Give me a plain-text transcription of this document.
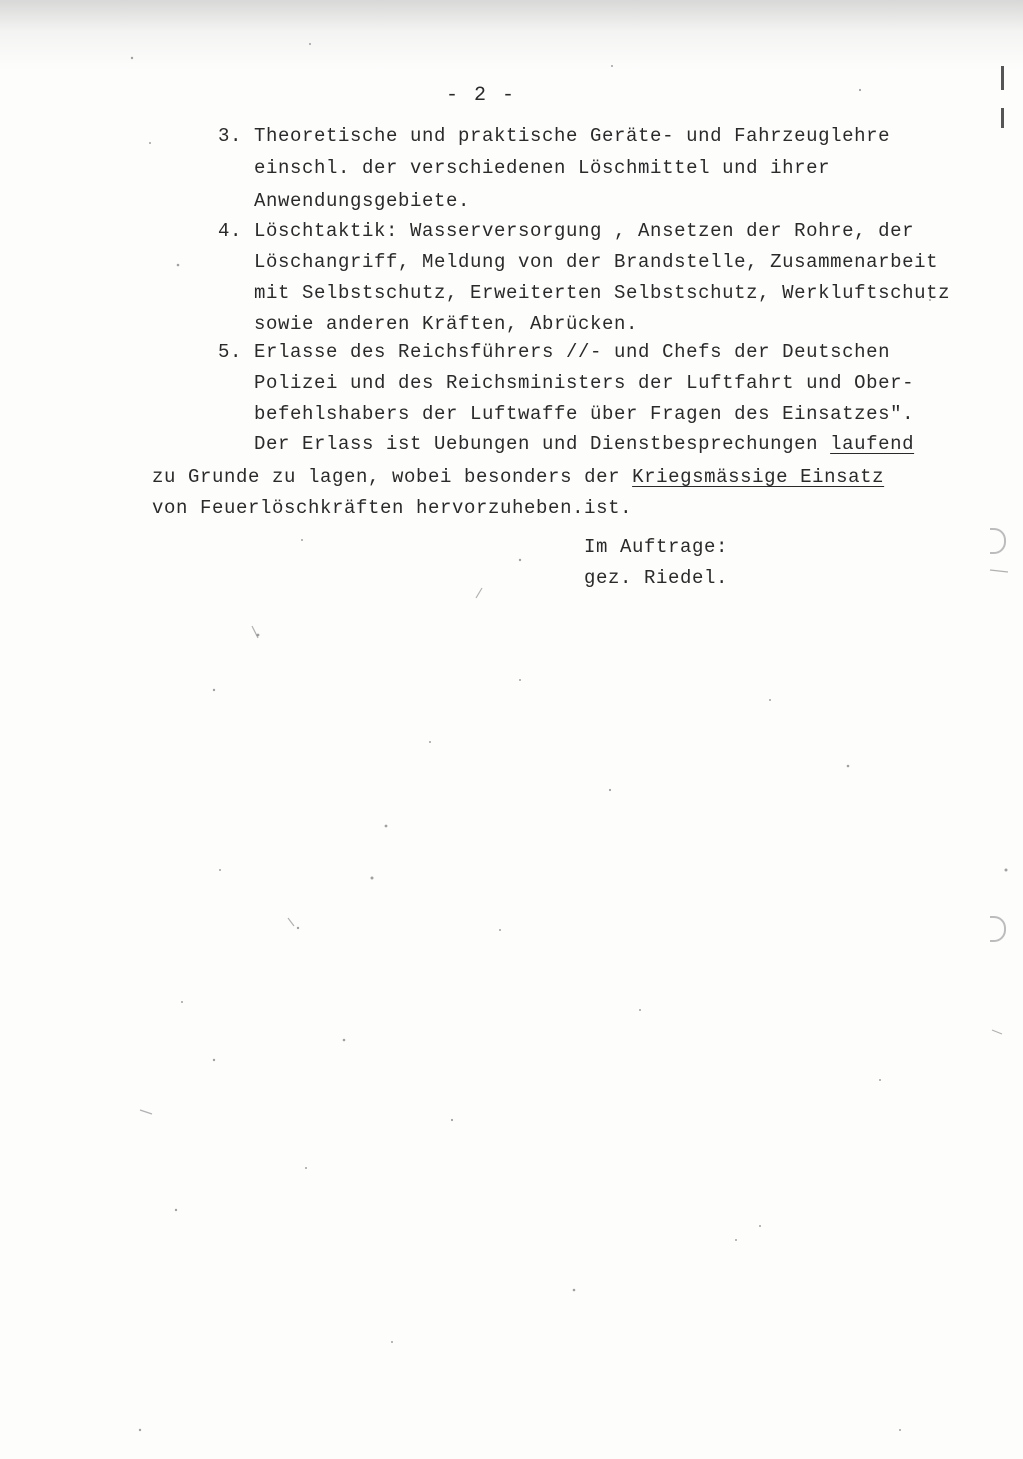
- 2 -
3. Theoretische und praktische Geräte- und Fahrzeuglehre
einschl. der verschiedenen Löschmittel und ihrer
Anwendungsgebiete.
4. Löschtaktik: Wasserversorgung , Ansetzen der Rohre, der
Löschangriff, Meldung von der Brandstelle, Zusammenarbeit
mit Selbstschutz, Erweiterten Selbstschutz, Werkluftschutz
sowie anderen Kräften, Abrücken.
5. Erlasse des Reichsführers //- und Chefs der Deutschen
Polizei und des Reichsministers der Luftfahrt und Ober-
befehlshabers der Luftwaffe über Fragen des Einsatzes".
Der Erlass ist Uebungen und Dienstbesprechungen laufend
zu Grunde zu lagen, wobei besonders der Kriegsmässige Einsatz
von Feuerlöschkräften hervorzuheben.ist.
Im Auftrage:
gez. Riedel.
